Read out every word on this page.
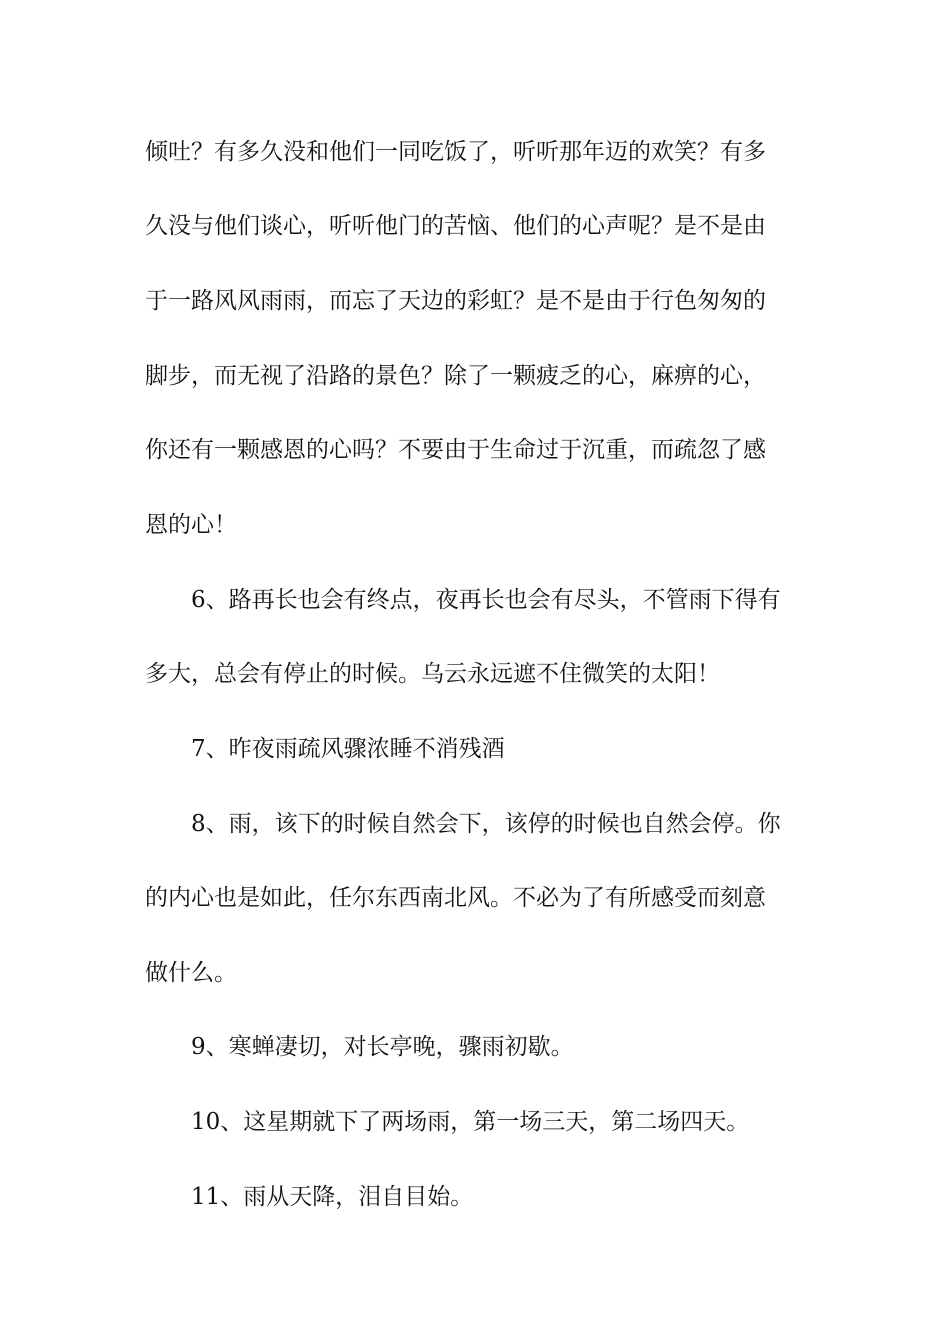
倾吐？有多久没和他们一同吃饭了，听听那年迈的欢笑？有多
久没与他们谈心，听听他门的苦恼、他们的心声呢？是不是由
于一路风风雨雨，而忘了天边的彩虹？是不是由于行色匆匆的
脚步，而无视了沿路的景色？除了一颗疲乏的心，麻痹的心，
你还有一颗感恩的心吗？不要由于生命过于沉重，而疏忽了感
恩的心！
6、路再长也会有终点，夜再长也会有尽头，不管雨下得有
多大，总会有停止的时候。乌云永远遮不住微笑的太阳！
7、昨夜雨疏风骤浓睡不消残酒
8、雨，该下的时候自然会下，该停的时候也自然会停。你
的内心也是如此，任尔东西南北风。不必为了有所感受而刻意
做什么。
9、寒蝉凄切，对长亭晚，骤雨初歇。
10、这星期就下了两场雨，第一场三天，第二场四天。
11、雨从天降，泪自目始。
